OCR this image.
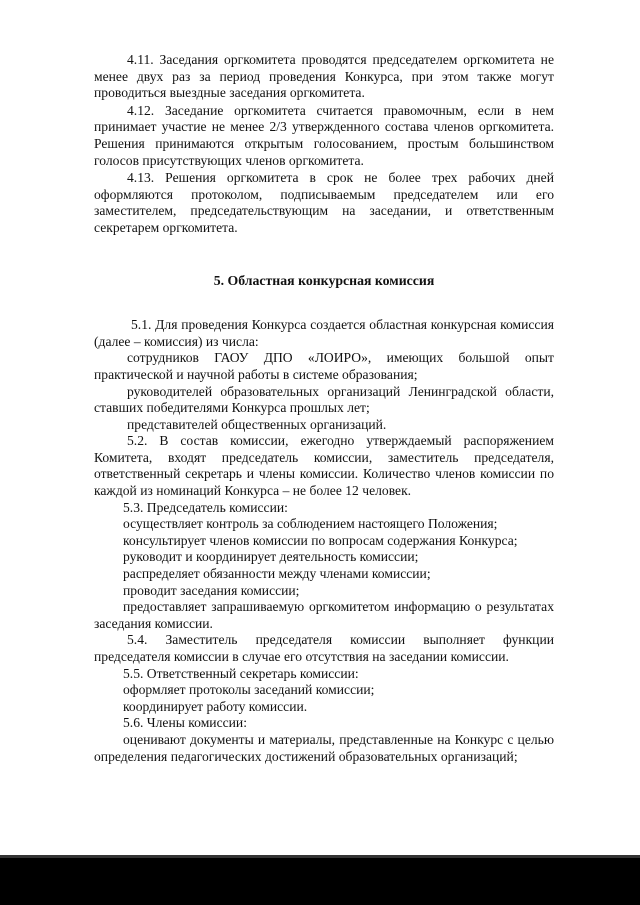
4.11. Заседания оргкомитета проводятся председателем оргкомитета не менее двух раз за период проведения Конкурса, при этом также могут проводиться выездные заседания оргкомитета.

4.12. Заседание оргкомитета считается правомочным, если в нем принимает участие не менее 2/3 утвержденного состава членов оргкомитета. Решения принимаются открытым голосованием, простым большинством голосов присутствующих членов оргкомитета.

4.13. Решения оргкомитета в срок не более трех рабочих дней оформляются протоколом, подписываемым председателем или его заместителем, председательствующим на заседании, и ответственным секретарем оргкомитета.

5. Областная конкурсная комиссия

5.1. Для проведения Конкурса создается областная конкурсная комиссия (далее – комиссия) из числа:

сотрудников ГАОУ ДПО «ЛОИРО», имеющих большой опыт практической и научной работы в системе образования;

руководителей образовательных организаций Ленинградской области, ставших победителями Конкурса прошлых лет;

представителей общественных организаций.

5.2. В состав комиссии, ежегодно утверждаемый распоряжением Комитета, входят председатель комиссии, заместитель председателя, ответственный секретарь и члены комиссии. Количество членов комиссии по каждой из номинаций Конкурса – не более 12 человек.

5.3. Председатель комиссии:

осуществляет контроль за соблюдением настоящего Положения;

консультирует членов комиссии по вопросам содержания Конкурса;

руководит и координирует деятельность комиссии;

распределяет обязанности между членами комиссии;

проводит заседания комиссии;

предоставляет запрашиваемую оргкомитетом информацию о результатах заседания комиссии.

5.4. Заместитель председателя комиссии выполняет функции председателя комиссии в случае его отсутствия на заседании комиссии.

5.5. Ответственный секретарь комиссии:

оформляет протоколы заседаний комиссии;

координирует работу комиссии.

5.6. Члены комиссии:

оценивают документы и материалы, представленные на Конкурс с целью определения педагогических достижений образовательных организаций;
